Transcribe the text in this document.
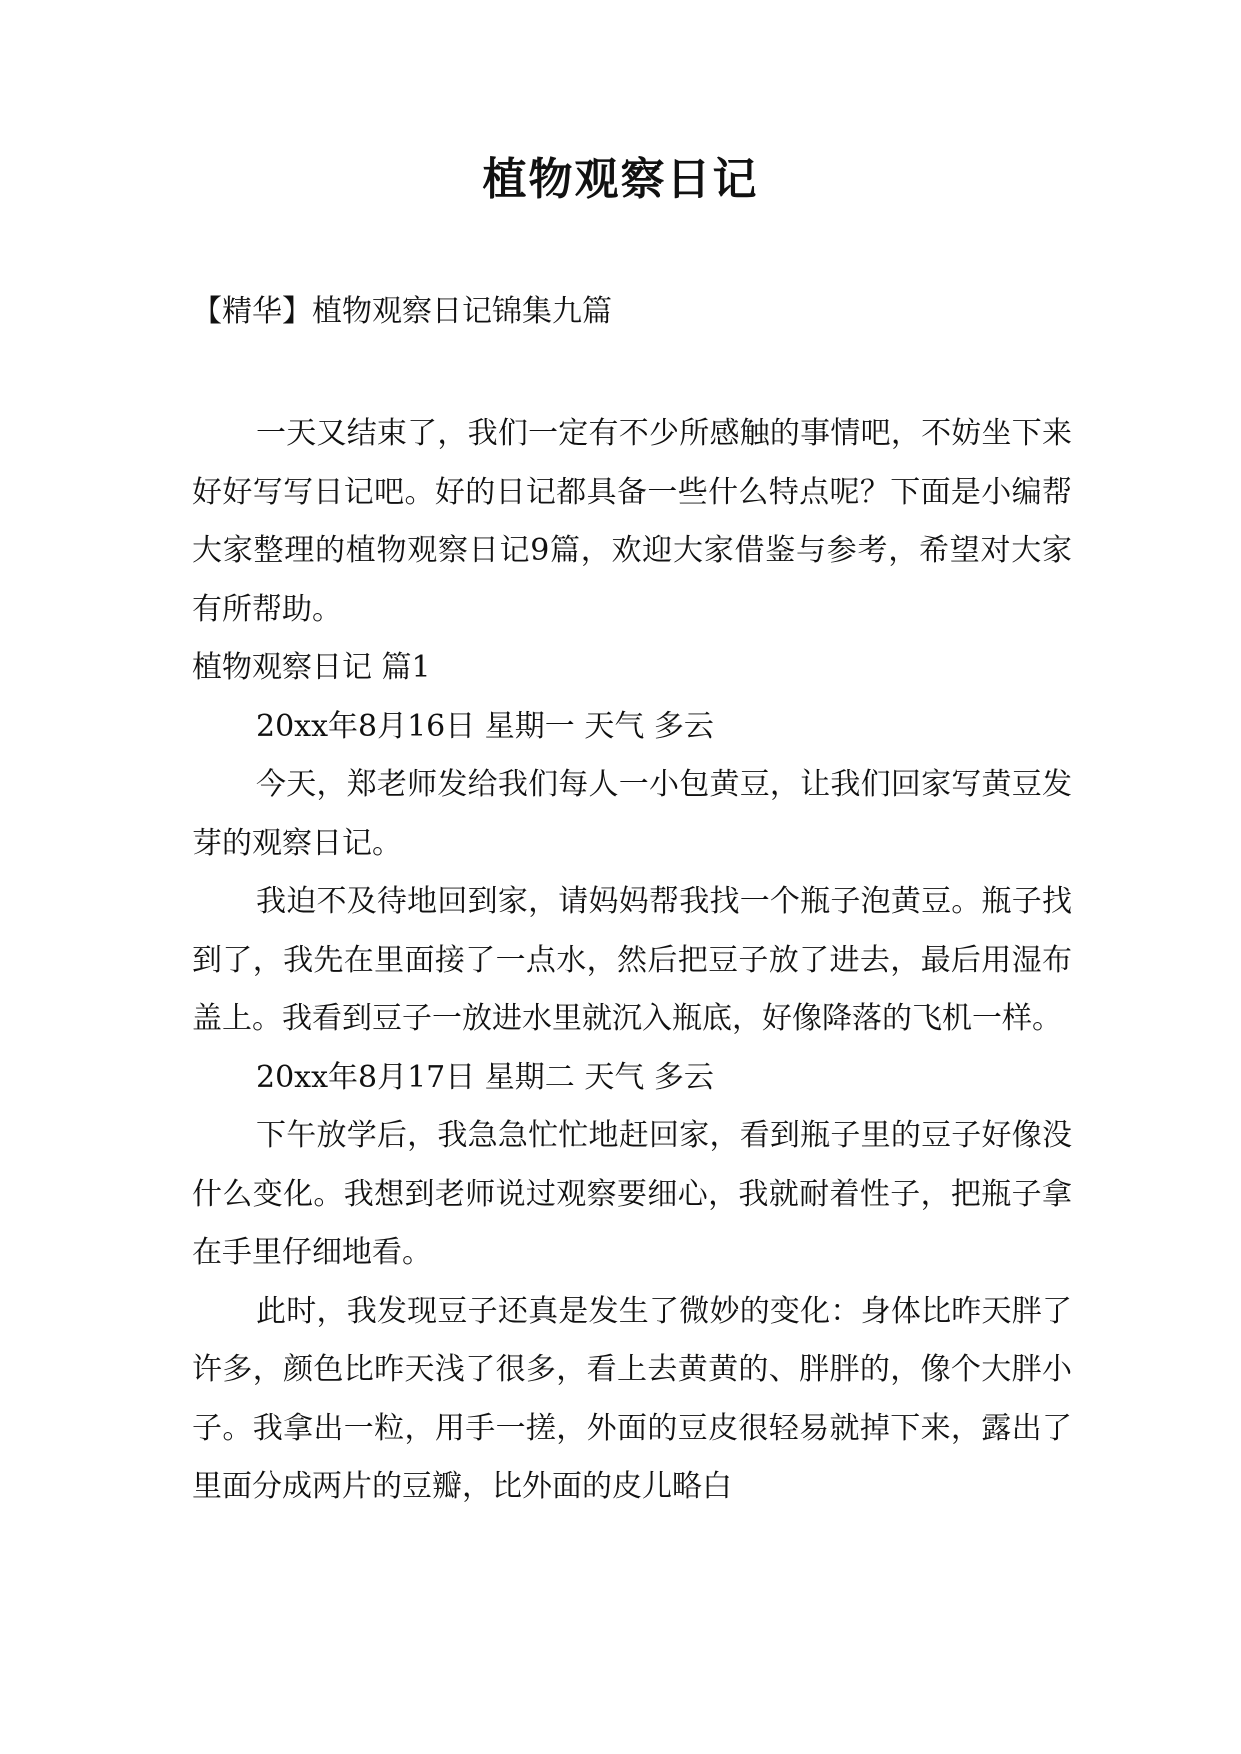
植物观察日记

【精华】植物观察日记锦集九篇

一天又结束了，我们一定有不少所感触的事情吧，不妨坐下来好好写写日记吧。好的日记都具备一些什么特点呢？下面是小编帮大家整理的植物观察日记9篇，欢迎大家借鉴与参考，希望对大家有所帮助。

植物观察日记 篇1

20xx年8月16日 星期一 天气 多云

今天，郑老师发给我们每人一小包黄豆，让我们回家写黄豆发芽的观察日记。

我迫不及待地回到家，请妈妈帮我找一个瓶子泡黄豆。瓶子找到了，我先在里面接了一点水，然后把豆子放了进去，最后用湿布盖上。我看到豆子一放进水里就沉入瓶底，好像降落的飞机一样。

20xx年8月17日 星期二 天气 多云

下午放学后，我急急忙忙地赶回家，看到瓶子里的豆子好像没什么变化。我想到老师说过观察要细心，我就耐着性子，把瓶子拿在手里仔细地看。

此时，我发现豆子还真是发生了微妙的变化：身体比昨天胖了许多，颜色比昨天浅了很多，看上去黄黄的、胖胖的，像个大胖小子。我拿出一粒，用手一搓，外面的豆皮很轻易就掉下来，露出了里面分成两片的豆瓣，比外面的皮儿略白
